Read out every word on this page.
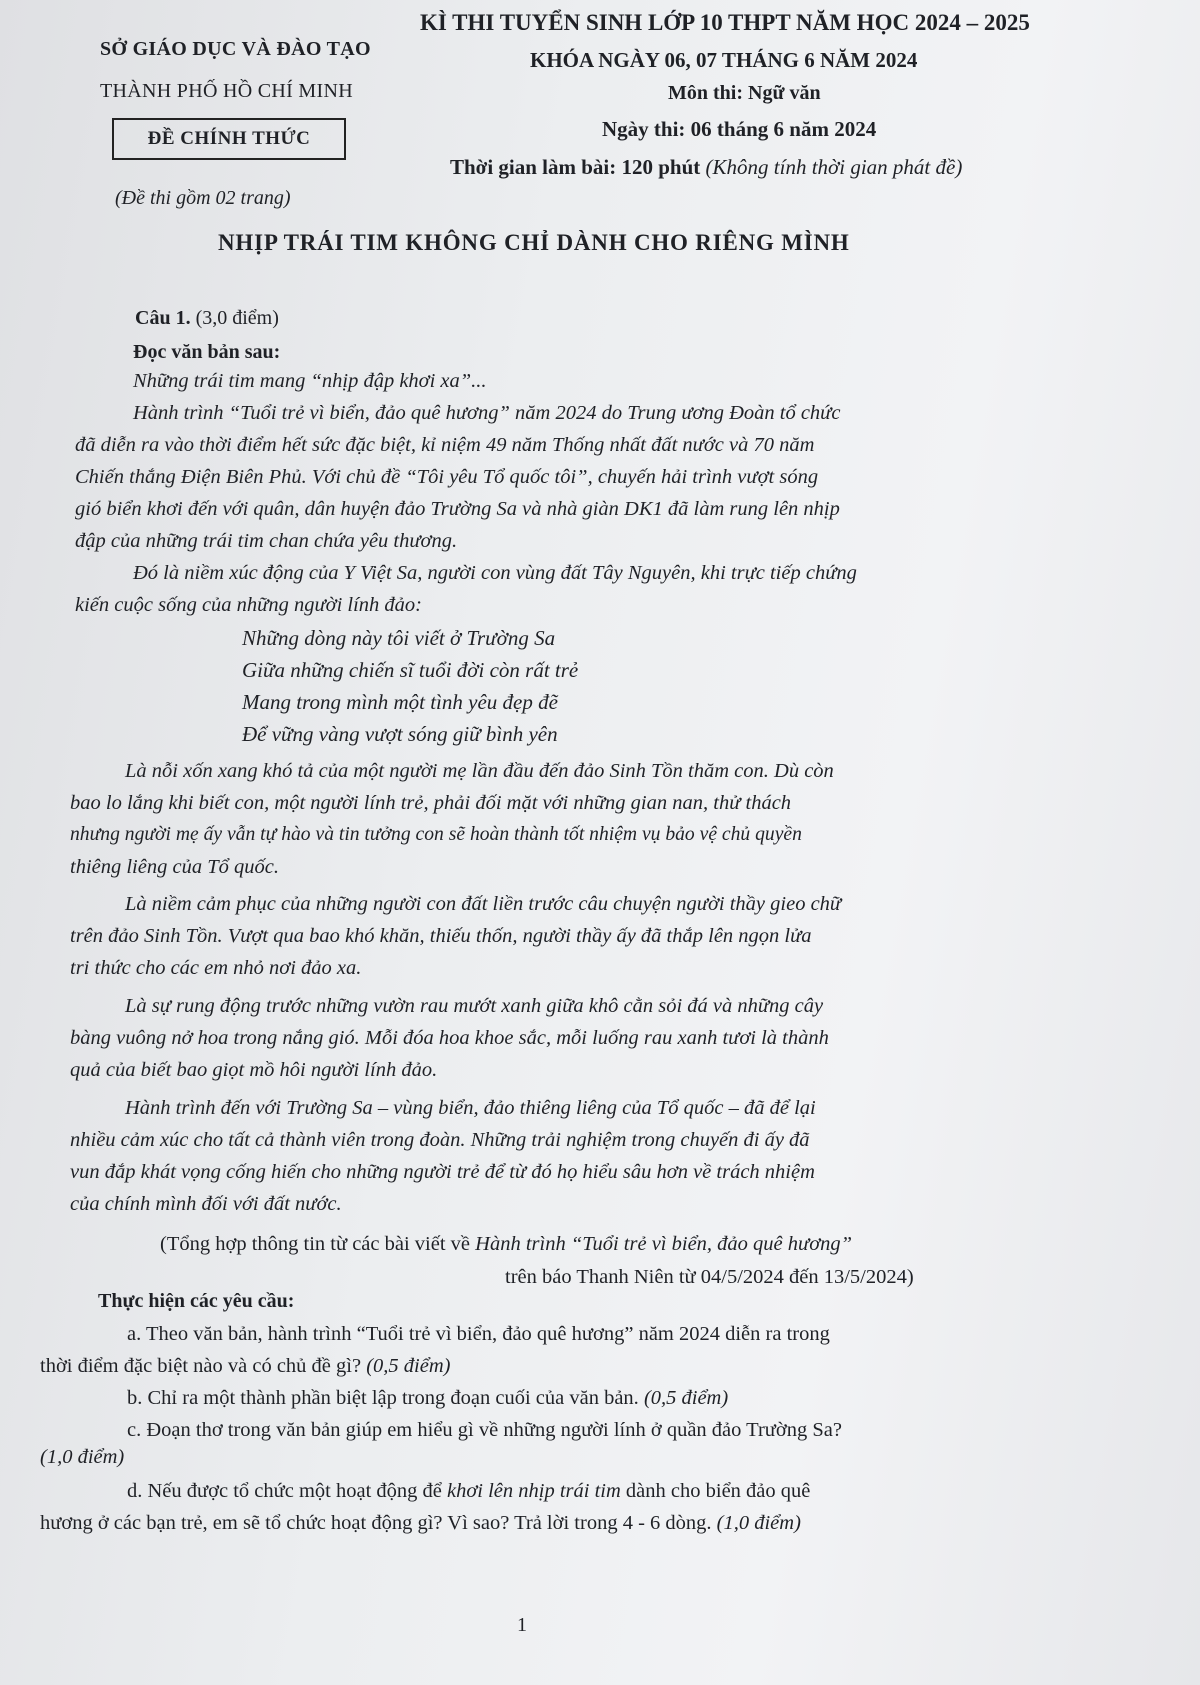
SỞ GIÁO DỤC VÀ ĐÀO TẠO
THÀNH PHỐ HỒ CHÍ MINH
ĐỀ CHÍNH THỨC
(Đề thi gồm 02 trang)
KÌ THI TUYỂN SINH LỚP 10 THPT NĂM HỌC 2024 – 2025
KHÓA NGÀY 06, 07 THÁNG 6 NĂM 2024
Môn thi: Ngữ văn
Ngày thi: 06 tháng 6 năm 2024
Thời gian làm bài: 120 phút (Không tính thời gian phát đề)
NHỊP TRÁI TIM KHÔNG CHỈ DÀNH CHO RIÊNG MÌNH
Câu 1. (3,0 điểm)
Đọc văn bản sau:
Những trái tim mang “nhịp đập khơi xa”...
Hành trình “Tuổi trẻ vì biển, đảo quê hương” năm 2024 do Trung ương Đoàn tổ chức
đã diễn ra vào thời điểm hết sức đặc biệt, kỉ niệm 49 năm Thống nhất đất nước và 70 năm
Chiến thắng Điện Biên Phủ. Với chủ đề “Tôi yêu Tổ quốc tôi”, chuyến hải trình vượt sóng
gió biển khơi đến với quân, dân huyện đảo Trường Sa và nhà giàn DK1 đã làm rung lên nhịp
đập của những trái tim chan chứa yêu thương.
Đó là niềm xúc động của Y Việt Sa, người con vùng đất Tây Nguyên, khi trực tiếp chứng
kiến cuộc sống của những người lính đảo:
Những dòng này tôi viết ở Trường Sa
Giữa những chiến sĩ tuổi đời còn rất trẻ
Mang trong mình một tình yêu đẹp đẽ
Để vững vàng vượt sóng giữ bình yên
Là nỗi xốn xang khó tả của một người mẹ lần đầu đến đảo Sinh Tồn thăm con. Dù còn
bao lo lắng khi biết con, một người lính trẻ, phải đối mặt với những gian nan, thử thách
nhưng người mẹ ấy vẫn tự hào và tin tưởng con sẽ hoàn thành tốt nhiệm vụ bảo vệ chủ quyền
thiêng liêng của Tổ quốc.
Là niềm cảm phục của những người con đất liền trước câu chuyện người thầy gieo chữ
trên đảo Sinh Tồn. Vượt qua bao khó khăn, thiếu thốn, người thầy ấy đã thắp lên ngọn lửa
tri thức cho các em nhỏ nơi đảo xa.
Là sự rung động trước những vườn rau mướt xanh giữa khô cằn sỏi đá và những cây
bàng vuông nở hoa trong nắng gió. Mỗi đóa hoa khoe sắc, mỗi luống rau xanh tươi là thành
quả của biết bao giọt mồ hôi người lính đảo.
Hành trình đến với Trường Sa – vùng biển, đảo thiêng liêng của Tổ quốc – đã để lại
nhiều cảm xúc cho tất cả thành viên trong đoàn. Những trải nghiệm trong chuyến đi ấy đã
vun đắp khát vọng cống hiến cho những người trẻ để từ đó họ hiểu sâu hơn về trách nhiệm
của chính mình đối với đất nước.
(Tổng hợp thông tin từ các bài viết về Hành trình “Tuổi trẻ vì biển, đảo quê hương”
trên báo Thanh Niên từ 04/5/2024 đến 13/5/2024)
Thực hiện các yêu cầu:
a. Theo văn bản, hành trình “Tuổi trẻ vì biển, đảo quê hương” năm 2024 diễn ra trong
thời điểm đặc biệt nào và có chủ đề gì? (0,5 điểm)
b. Chỉ ra một thành phần biệt lập trong đoạn cuối của văn bản. (0,5 điểm)
c. Đoạn thơ trong văn bản giúp em hiểu gì về những người lính ở quần đảo Trường Sa?
(1,0 điểm)
d. Nếu được tổ chức một hoạt động để khơi lên nhịp trái tim dành cho biển đảo quê
hương ở các bạn trẻ, em sẽ tổ chức hoạt động gì? Vì sao? Trả lời trong 4 - 6 dòng. (1,0 điểm)
1
